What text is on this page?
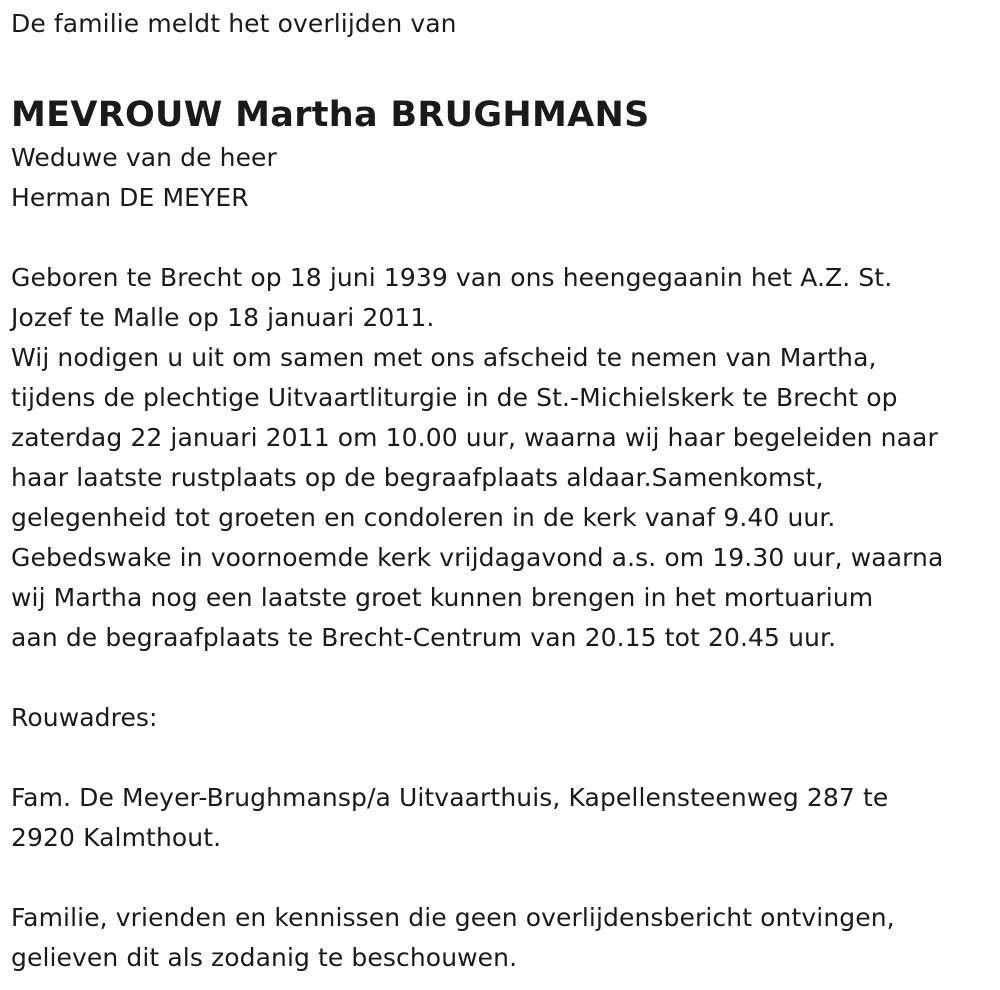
De familie meldt het overlijden van

MEVROUW Martha BRUGHMANS

Weduwe van de heer

Herman DE MEYER

Geboren te Brecht op 18 juni 1939 van ons heengegaanin het A.Z. St.

Jozef te Malle op 18 januari 2011.

Wij nodigen u uit om samen met ons afscheid te nemen van Martha,

tijdens de plechtige Uitvaartliturgie in de St.-Michielskerk te Brecht op

zaterdag 22 januari 2011 om 10.00 uur, waarna wij haar begeleiden naar

haar laatste rustplaats op de begraafplaats aldaar.Samenkomst,

gelegenheid tot groeten en condoleren in de kerk vanaf 9.40 uur.

Gebedswake in voornoemde kerk vrijdagavond a.s. om 19.30 uur, waarna

wij Martha nog een laatste groet kunnen brengen in het mortuarium

aan de begraafplaats te Brecht-Centrum van 20.15 tot 20.45 uur.

Rouwadres:

Fam. De Meyer-Brughmansp/a Uitvaarthuis, Kapellensteenweg 287 te

2920 Kalmthout.

Familie, vrienden en kennissen die geen overlijdensbericht ontvingen,

gelieven dit als zodanig te beschouwen.
